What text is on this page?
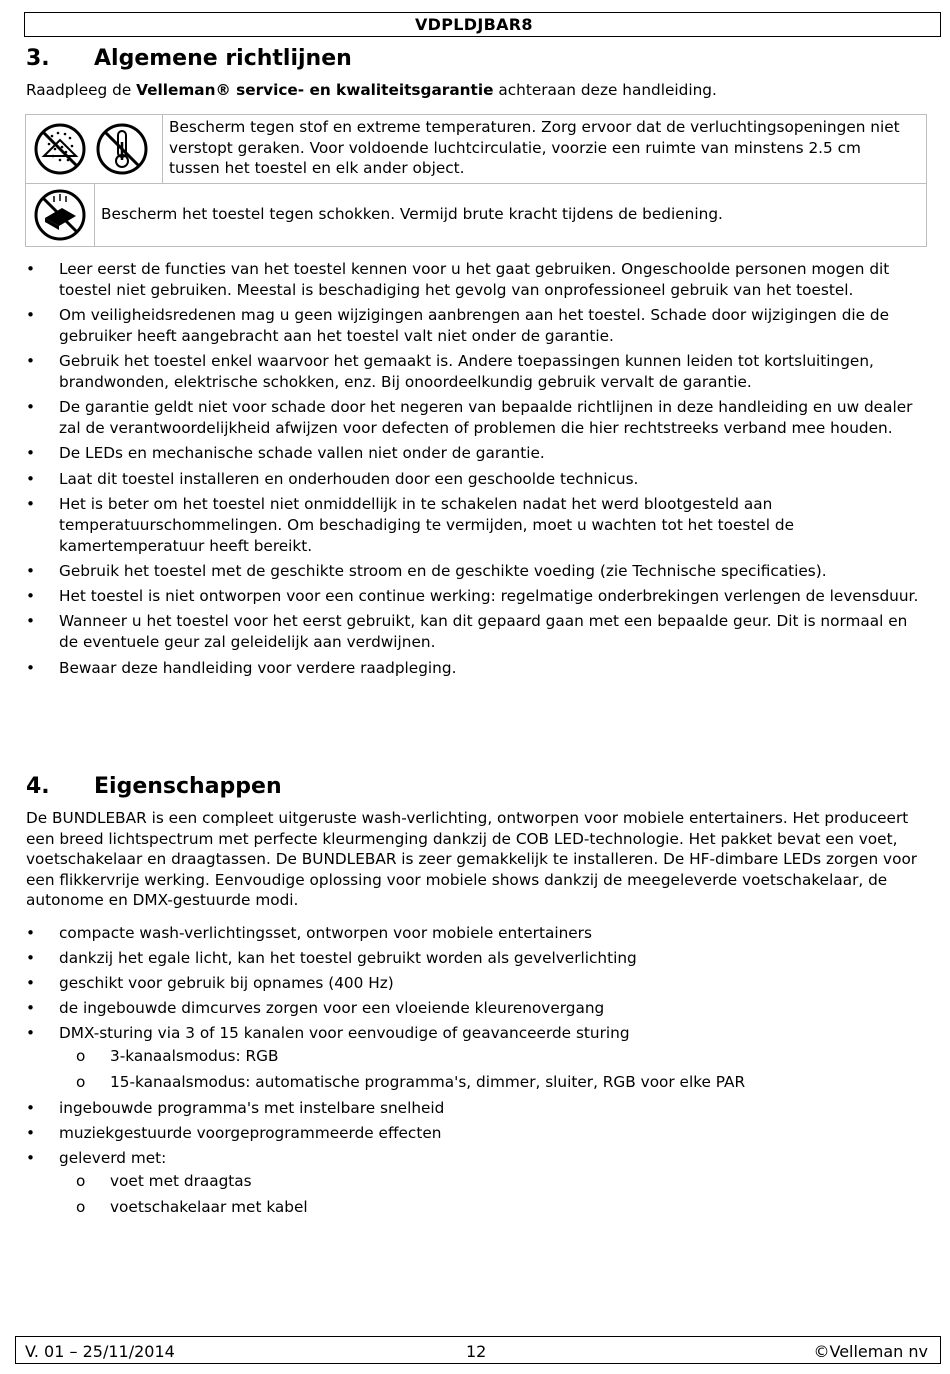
VDPLDJBAR8
3. Algemene richtlijnen
Raadpleeg de Velleman® service- en kwaliteitsgarantie achteraan deze handleiding.
Bescherm tegen stof en extreme temperaturen. Zorg ervoor dat de verluchtingsopeningen niet verstopt geraken. Voor voldoende luchtcirculatie, voorzie een ruimte van minstens 2.5 cm tussen het toestel en elk ander object.
Bescherm het toestel tegen schokken. Vermijd brute kracht tijdens de bediening.
• Leer eerst de functies van het toestel kennen voor u het gaat gebruiken. Ongeschoolde personen mogen dit toestel niet gebruiken. Meestal is beschadiging het gevolg van onprofessioneel gebruik van het toestel.
• Om veiligheidsredenen mag u geen wijzigingen aanbrengen aan het toestel. Schade door wijzigingen die de gebruiker heeft aangebracht aan het toestel valt niet onder de garantie.
• Gebruik het toestel enkel waarvoor het gemaakt is. Andere toepassingen kunnen leiden tot kortsluitingen, brandwonden, elektrische schokken, enz. Bij onoordeelkundig gebruik vervalt de garantie.
• De garantie geldt niet voor schade door het negeren van bepaalde richtlijnen in deze handleiding en uw dealer zal de verantwoordelijkheid afwijzen voor defecten of problemen die hier rechtstreeks verband mee houden.
• De LEDs en mechanische schade vallen niet onder de garantie.
• Laat dit toestel installeren en onderhouden door een geschoolde technicus.
• Het is beter om het toestel niet onmiddellijk in te schakelen nadat het werd blootgesteld aan temperatuurschommelingen. Om beschadiging te vermijden, moet u wachten tot het toestel de kamertemperatuur heeft bereikt.
• Gebruik het toestel met de geschikte stroom en de geschikte voeding (zie Technische specificaties).
• Het toestel is niet ontworpen voor een continue werking: regelmatige onderbrekingen verlengen de levensduur.
• Wanneer u het toestel voor het eerst gebruikt, kan dit gepaard gaan met een bepaalde geur. Dit is normaal en de eventuele geur zal geleidelijk aan verdwijnen.
• Bewaar deze handleiding voor verdere raadpleging.
4. Eigenschappen
De BUNDLEBAR is een compleet uitgeruste wash-verlichting, ontworpen voor mobiele entertainers. Het produceert een breed lichtspectrum met perfecte kleurmenging dankzij de COB LED-technologie. Het pakket bevat een voet, voetschakelaar en draagtassen. De BUNDLEBAR is zeer gemakkelijk te installeren. De HF-dimbare LEDs zorgen voor een flikkervrije werking. Eenvoudige oplossing voor mobiele shows dankzij de meegeleverde voetschakelaar, de autonome en DMX-gestuurde modi.
• compacte wash-verlichtingsset, ontworpen voor mobiele entertainers
• dankzij het egale licht, kan het toestel gebruikt worden als gevelverlichting
• geschikt voor gebruik bij opnames (400 Hz)
• de ingebouwde dimcurves zorgen voor een vloeiende kleurenovergang
• DMX-sturing via 3 of 15 kanalen voor eenvoudige of geavanceerde sturing
o 3-kanaalsmodus: RGB
o 15-kanaalsmodus: automatische programma's, dimmer, sluiter, RGB voor elke PAR
• ingebouwde programma's met instelbare snelheid
• muziekgestuurde voorgeprogrammeerde effecten
• geleverd met:
o voet met draagtas
o voetschakelaar met kabel
V. 01 – 25/11/2014	12	©Velleman nv
